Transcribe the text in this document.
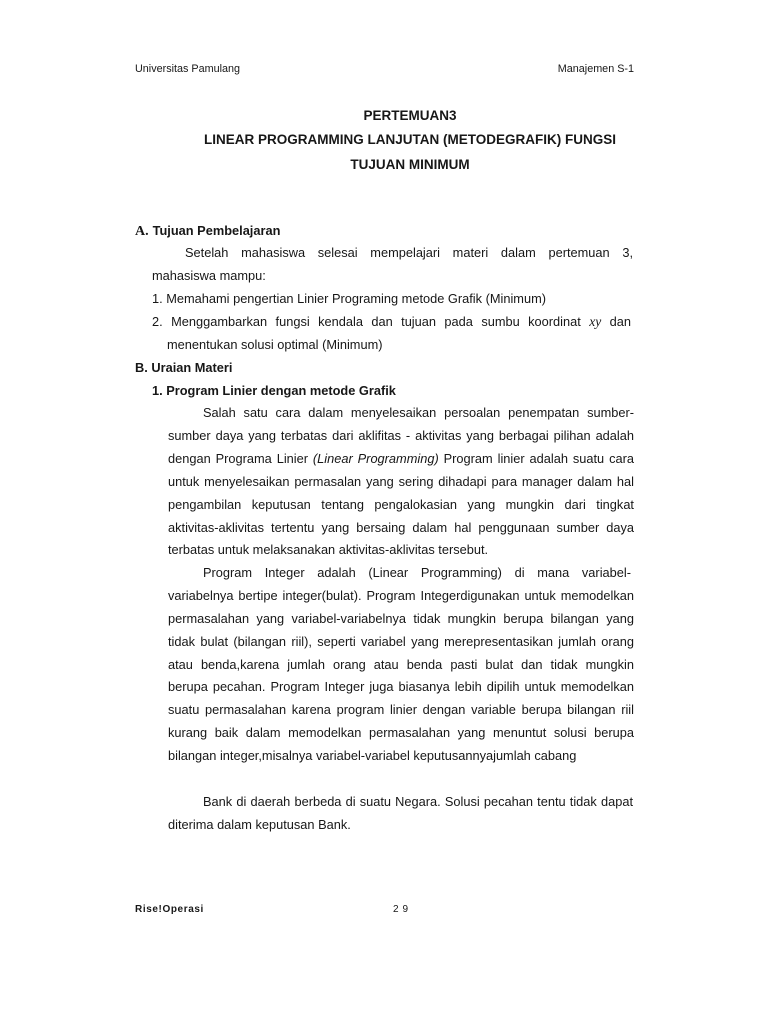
Universitas Pamulang	Manajemen S-1
PERTEMUAN3
LINEAR PROGRAMMING LANJUTAN (METODEGRAFIK) FUNGSI
TUJUAN MINIMUM
A. Tujuan Pembelajaran
Setelah mahasiswa selesai mempelajari materi dalam pertemuan 3,
mahasiswa mampu:
1. Memahami pengertian Linier Programing metode Grafik (Minimum)
2. Menggambarkan fungsi kendala dan tujuan pada sumbu koordinat xy dan
menentukan solusi optimal (Minimum)
B. Uraian Materi
1. Program Linier dengan metode Grafik
Salah satu cara dalam menyelesaikan persoalan penempatan sumber-
sumber daya yang terbatas dari aklifitas - aktivitas yang berbagai pilihan adalah
dengan Programa Linier (Linear Programming) Program linier adalah suatu cara
untuk menyelesaikan permasalan yang sering dihadapi para manager dalam hal
pengambilan keputusan tentang pengalokasian yang mungkin dari tingkat
aktivitas-aklivitas tertentu yang bersaing dalam hal penggunaan sumber daya
terbatas untuk melaksanakan aktivitas-aklivitas tersebut.
Program Integer adalah (Linear Programming) di mana variabel-
variabelnya bertipe integer(bulat). Program Integerdigunakan untuk memodelkan
permasalahan yang variabel-variabelnya tidak mungkin berupa bilangan yang
tidak bulat (bilangan riil), seperti variabel yang merepresentasikan jumlah orang
atau benda,karena jumlah orang atau benda pasti bulat dan tidak mungkin
berupa pecahan. Program Integer juga biasanya lebih dipilih untuk memodelkan
suatu permasalahan karena program linier dengan variable berupa bilangan riil
kurang baik dalam memodelkan permasalahan yang menuntut solusi berupa
bilangan integer,misalnya variabel-variabel keputusannyajumlah cabang
Bank di daerah berbeda di suatu Negara. Solusi pecahan tentu tidak dapat
diterima dalam keputusan Bank.
Rise!Operasi	29
